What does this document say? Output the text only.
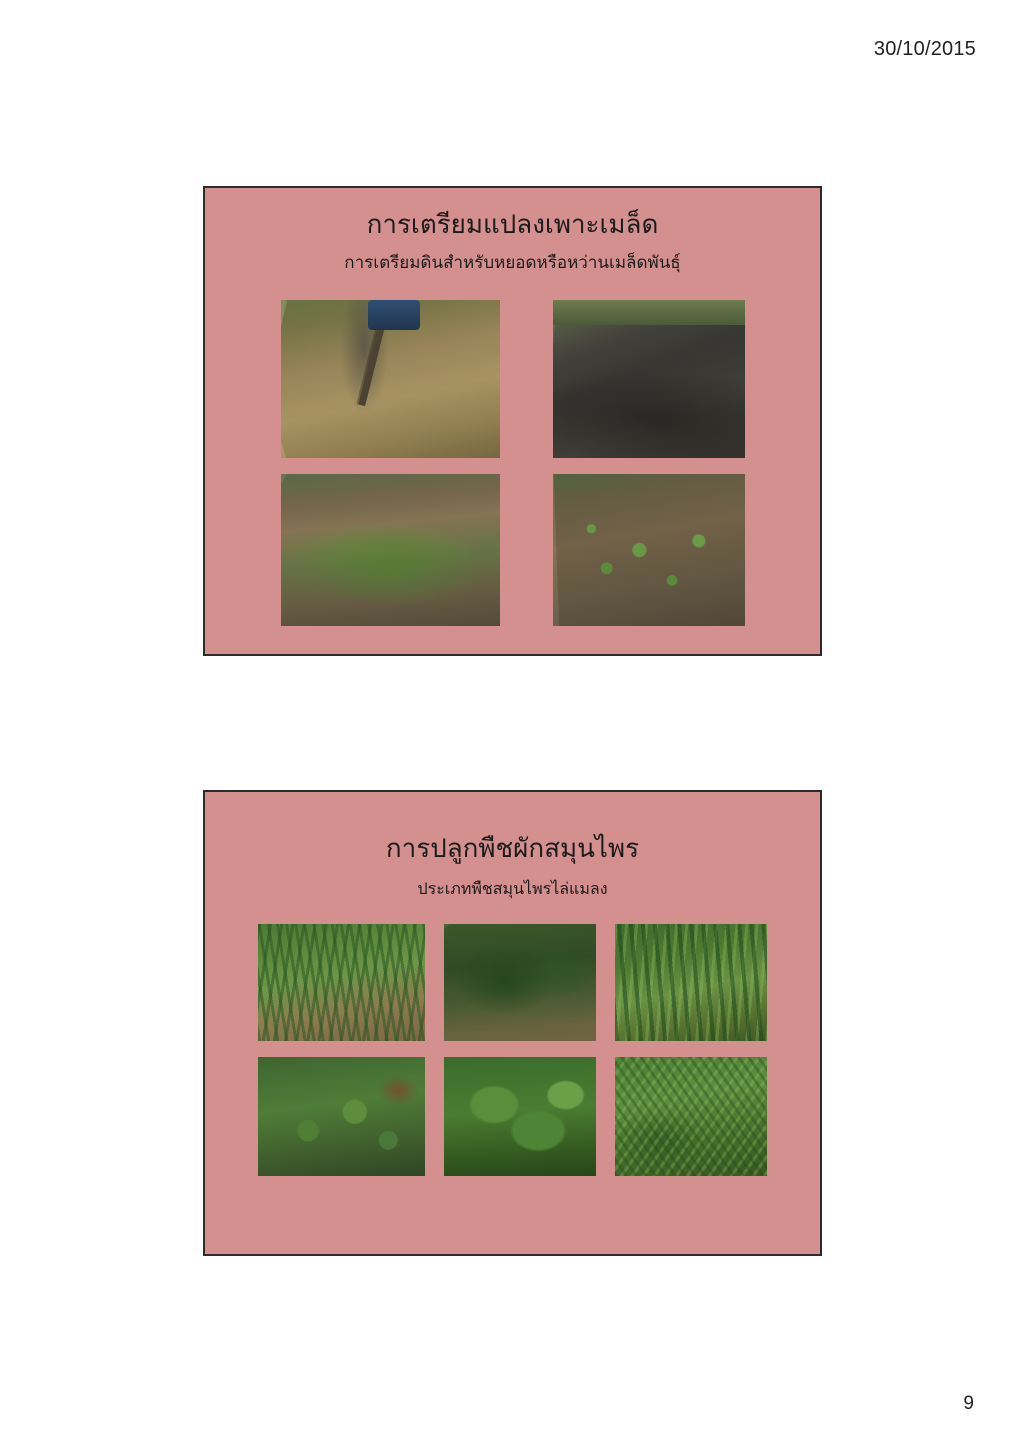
30/10/2015
การเตรียมแปลงเพาะเมล็ด
การเตรียมดินสำหรับหยอดหรือหว่านเมล็ดพันธุ์
การปลูกพืชผักสมุนไพร
ประเภทพืชสมุนไพรไล่แมลง
9
